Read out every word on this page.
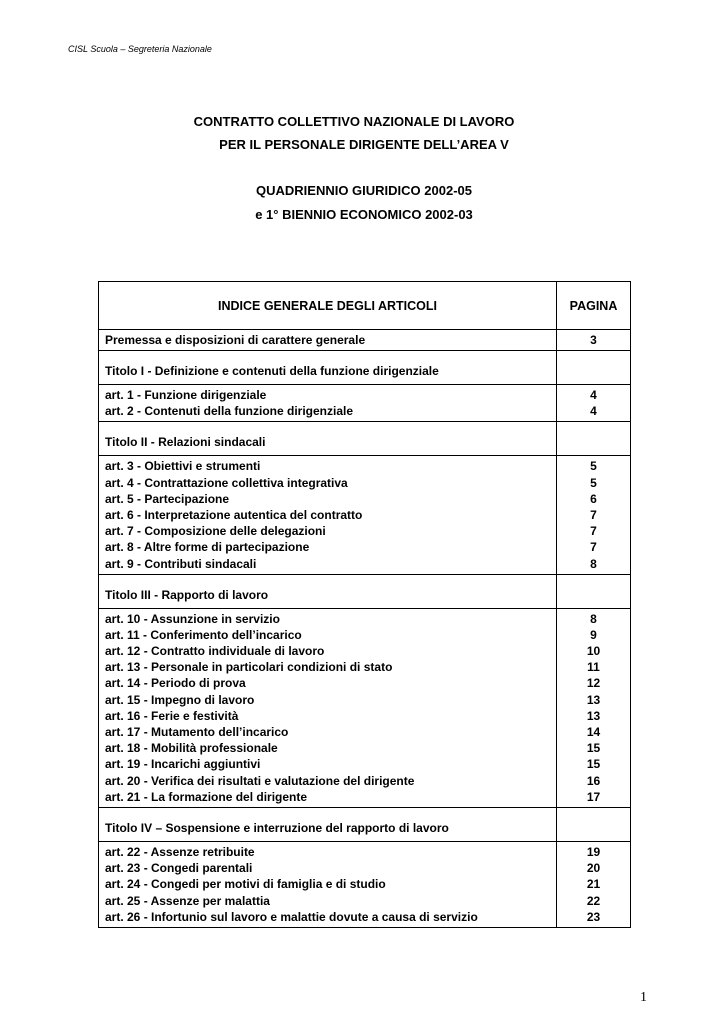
CISL Scuola – Segreteria Nazionale
CONTRATTO COLLETTIVO NAZIONALE DI LAVORO
PER IL PERSONALE DIRIGENTE DELL’AREA V
QUADRIENNIO GIURIDICO 2002-05
e 1° BIENNIO ECONOMICO 2002-03
INDICE GENERALE DEGLI ARTICOLI	PAGINA
Premessa e disposizioni di carattere generale	3
Titolo I - Definizione e contenuti della funzione dirigenziale
art. 1 - Funzione dirigenziale
art. 2 - Contenuti della funzione dirigenziale
4
4
Titolo II - Relazioni sindacali
art. 3 - Obiettivi e strumenti
art. 4 - Contrattazione collettiva integrativa
art. 5 - Partecipazione
art. 6 - Interpretazione autentica del contratto
art. 7 - Composizione delle delegazioni
art. 8 - Altre forme di partecipazione
art. 9 - Contributi sindacali
5
5
6
7
7
7
8
Titolo III - Rapporto di lavoro
art. 10 - Assunzione in servizio
art. 11 - Conferimento dell’incarico
art. 12 - Contratto individuale di lavoro
art. 13 - Personale in particolari condizioni di stato
art. 14 - Periodo di prova
art. 15 - Impegno di lavoro
art. 16 - Ferie e festività
art. 17 - Mutamento dell’incarico
art. 18 - Mobilità professionale
art. 19 - Incarichi aggiuntivi
art. 20 - Verifica dei risultati e valutazione del dirigente
art. 21 - La formazione del dirigente
8
9
10
11
12
13
13
14
15
15
16
17
Titolo IV – Sospensione e interruzione del rapporto di lavoro
art. 22 - Assenze retribuite
art. 23 - Congedi parentali
art. 24 - Congedi per motivi di famiglia e di studio
art. 25 - Assenze per malattia
art. 26 - Infortunio sul lavoro e malattie dovute a causa di servizio
19
20
21
22
23
1
